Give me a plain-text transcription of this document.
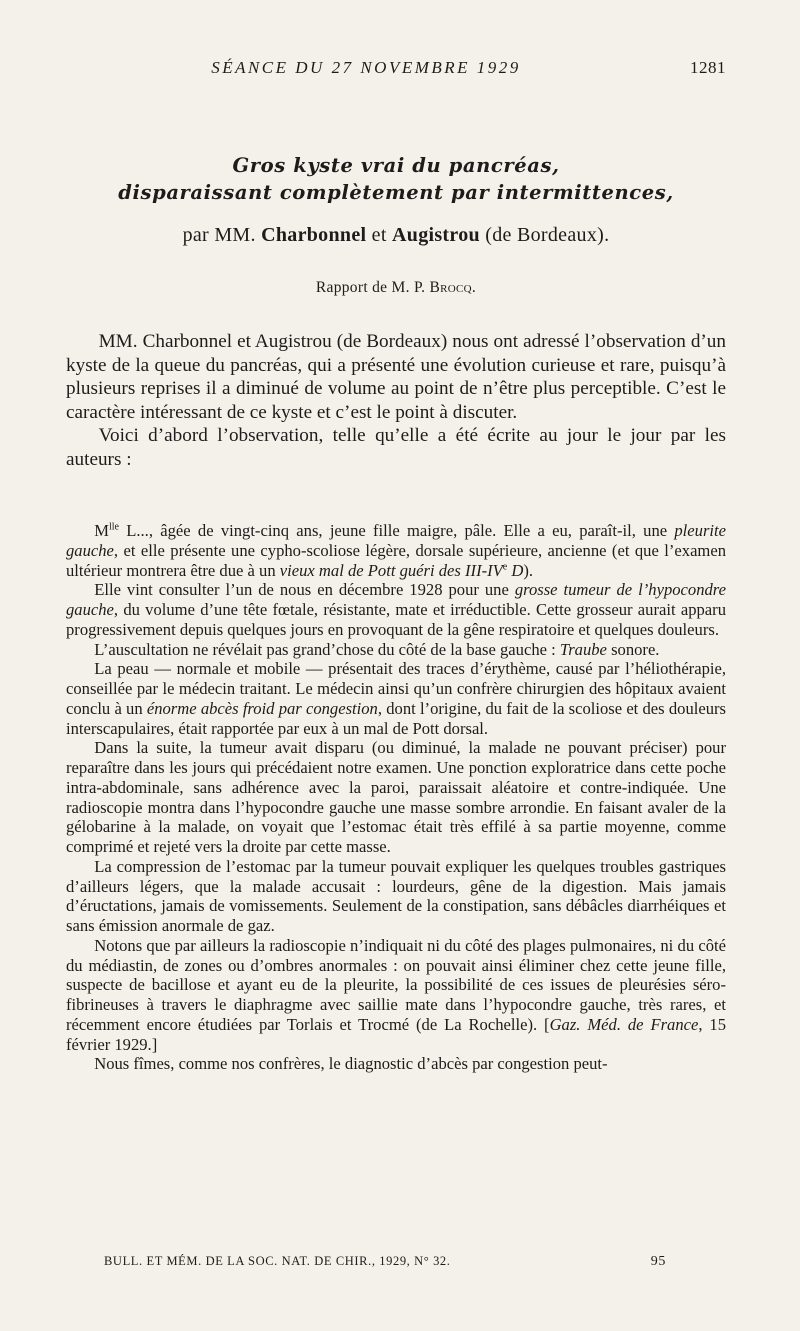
SÉANCE DU 27 NOVEMBRE 1929	1281
Gros kyste vrai du pancréas,
disparaissant complètement par intermittences,
par MM. Charbonnel et Augistrou (de Bordeaux).
Rapport de M. P. Brocq.

MM. Charbonnel et Augistrou (de Bordeaux) nous ont adressé l’observation d’un kyste de la queue du pancréas, qui a présenté une évolution curieuse et rare, puisqu’à plusieurs reprises il a diminué de volume au point de n’être plus perceptible. C’est le caractère intéressant de ce kyste et c’est le point à discuter.

Voici d’abord l’observation, telle qu’elle a été écrite au jour le jour par les auteurs :

$M^{lle}$ L..., âgée de vingt-cinq ans, jeune fille maigre, pâle. Elle a eu, paraît-il, une pleurite gauche, et elle présente une cypho-scoliose légère, dorsale supérieure, ancienne (et que l’examen ultérieur montrera être due à un vieux mal de Pott guéri des III-IVe D).

Elle vint consulter l’un de nous en décembre 1928 pour une grosse tumeur de l’hypocondre gauche, du volume d’une tête fœtale, résistante, mate et irréductible. Cette grosseur aurait apparu progressivement depuis quelques jours en provoquant de la gêne respiratoire et quelques douleurs.

L’auscultation ne révélait pas grand’chose du côté de la base gauche : Traube sonore.

La peau — normale et mobile — présentait des traces d’érythème, causé par l’héliothérapie, conseillée par le médecin traitant. Le médecin ainsi qu’un confrère chirurgien des hôpitaux avaient conclu à un énorme abcès froid par congestion, dont l’origine, du fait de la scoliose et des douleurs interscapulaires, était rapportée par eux à un mal de Pott dorsal.

Dans la suite, la tumeur avait disparu (ou diminué, la malade ne pouvant préciser) pour reparaître dans les jours qui précédaient notre examen. Une ponction exploratrice dans cette poche intra-abdominale, sans adhérence avec la paroi, paraissait aléatoire et contre-indiquée. Une radioscopie montra dans l’hypocondre gauche une masse sombre arrondie. En faisant avaler de la gélobarine à la malade, on voyait que l’estomac était très effilé à sa partie moyenne, comme comprimé et rejeté vers la droite par cette masse.

La compression de l’estomac par la tumeur pouvait expliquer les quelques troubles gastriques d’ailleurs légers, que la malade accusait : lourdeurs, gêne de la digestion. Mais jamais d’éructations, jamais de vomissements. Seulement de la constipation, sans débâcles diarrhéiques et sans émission anormale de gaz.

Notons que par ailleurs la radioscopie n’indiquait ni du côté des plages pulmonaires, ni du côté du médiastin, de zones ou d’ombres anormales : on pouvait ainsi éliminer chez cette jeune fille, suspecte de bacillose et ayant eu de la pleurite, la possibilité de ces issues de pleurésies séro-fibrineuses à travers le diaphragme avec saillie mate dans l’hypocondre gauche, très rares, et récemment encore étudiées par Torlais et Trocmé (de La Rochelle). [Gaz. Méd. de France, 15 février 1929.]

Nous fîmes, comme nos confrères, le diagnostic d’abcès par congestion peut-

BULL. ET MÉM. DE LA SOC. NAT. DE CHIR., 1929, N° 32.	95
